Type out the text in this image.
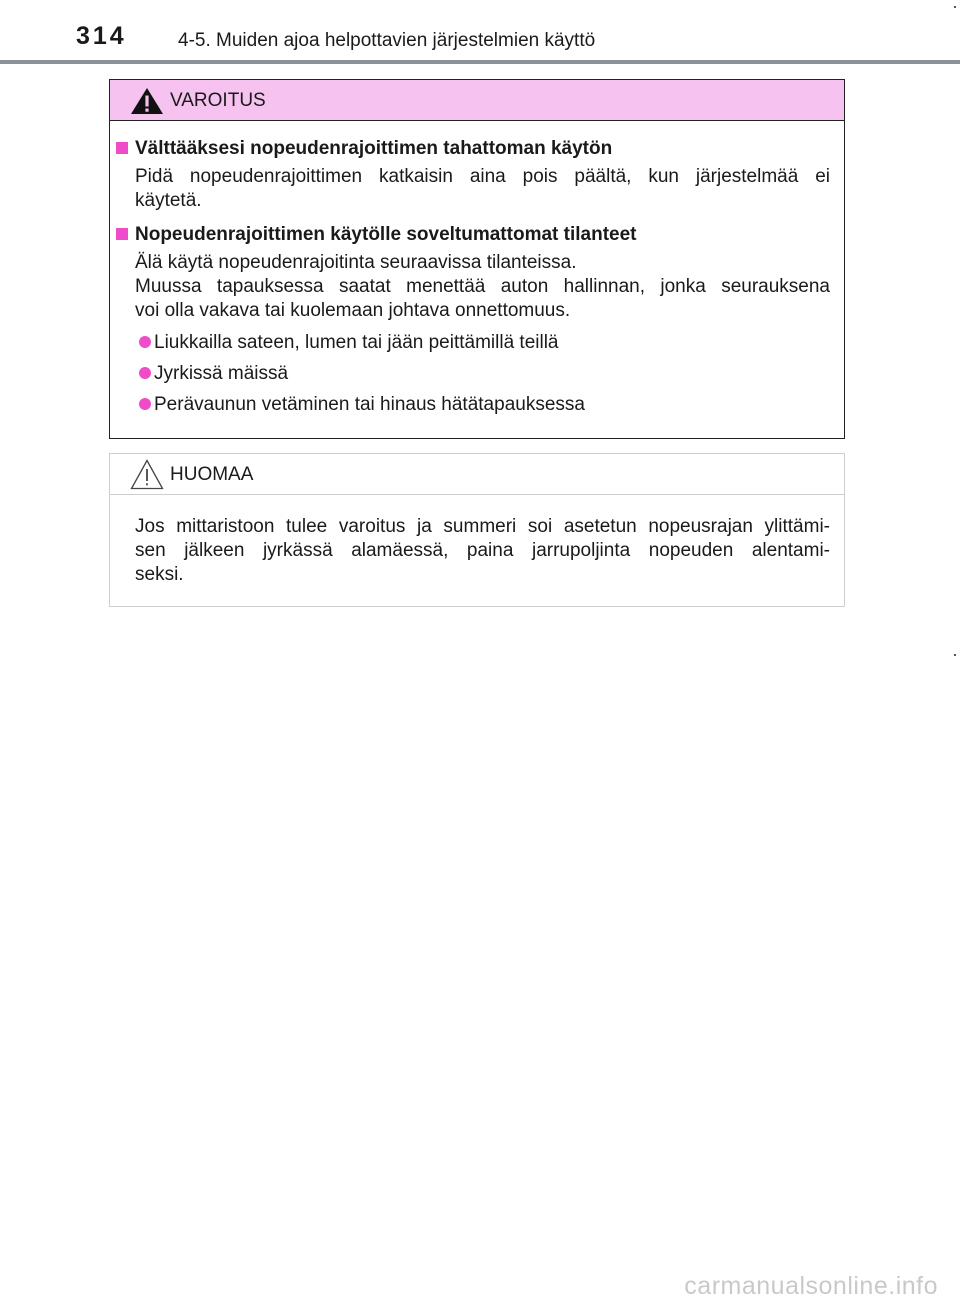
314	4-5. Muiden ajoa helpottavien järjestelmien käyttö
VAROITUS
Välttääksesi nopeudenrajoittimen tahattoman käytön
Pidä nopeudenrajoittimen katkaisin aina pois päältä, kun järjestelmää ei
käytetä.
Nopeudenrajoittimen käytölle soveltumattomat tilanteet
Älä käytä nopeudenrajoitinta seuraavissa tilanteissa.
Muussa tapauksessa saatat menettää auton hallinnan, jonka seurauksena
voi olla vakava tai kuolemaan johtava onnettomuus.
Liukkailla sateen, lumen tai jään peittämillä teillä
Jyrkissä mäissä
Perävaunun vetäminen tai hinaus hätätapauksessa
HUOMAA
Jos mittaristoon tulee varoitus ja summeri soi asetetun nopeusrajan ylittämi-
sen jälkeen jyrkässä alamäessä, paina jarrupoljinta nopeuden alentami-
seksi.
carmanualsonline.info
